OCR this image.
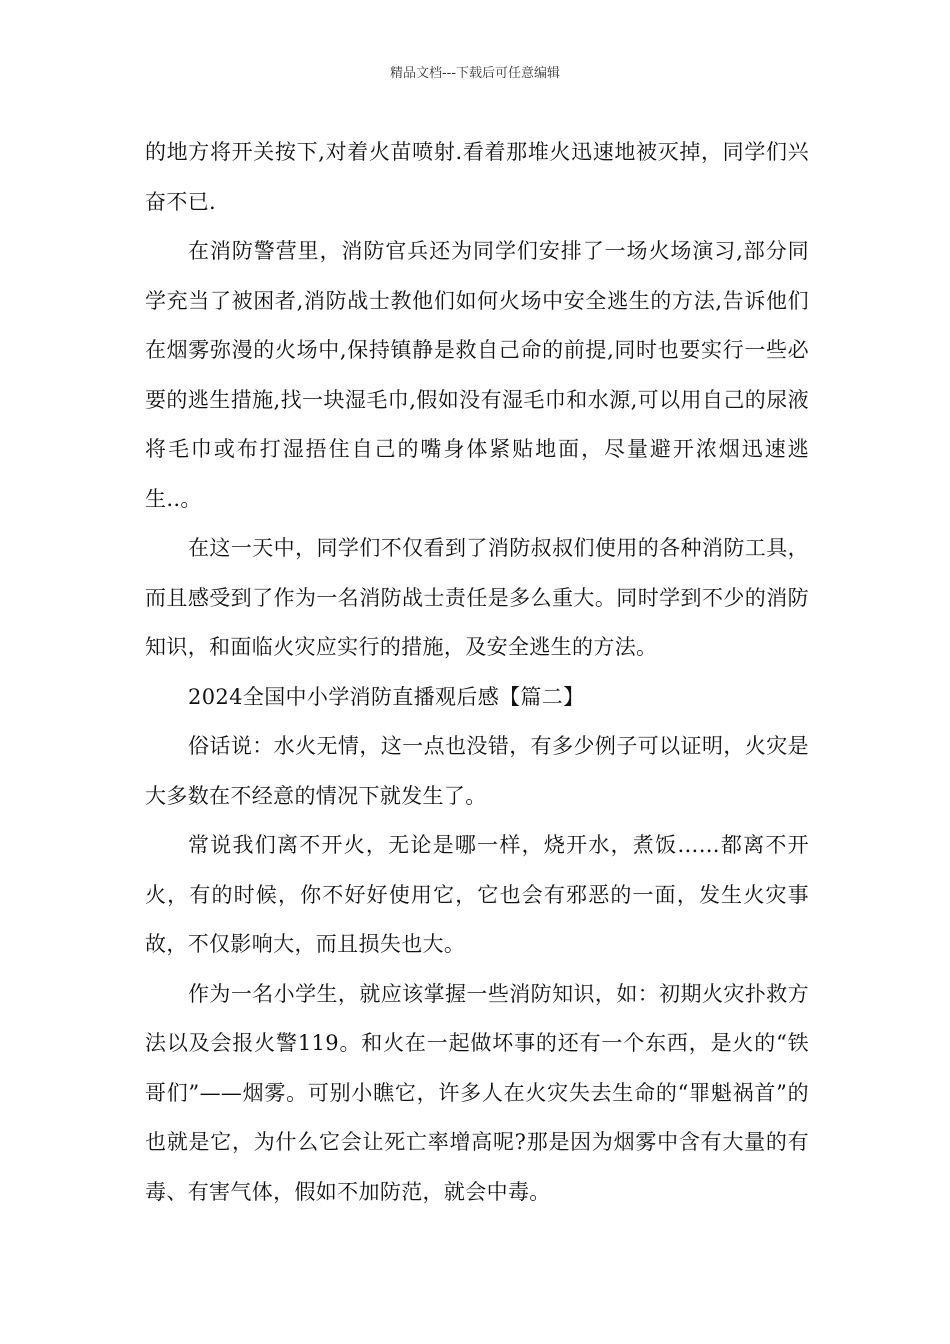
精品文档---下载后可任意编辑

的地方将开关按下,对着火苗喷射.看着那堆火迅速地被灭掉，同学们兴奋不已.

在消防警营里，消防官兵还为同学们安排了一场火场演习,部分同学充当了被困者,消防战士教他们如何火场中安全逃生的方法,告诉他们在烟雾弥漫的火场中,保持镇静是救自己命的前提,同时也要实行一些必要的逃生措施,找一块湿毛巾,假如没有湿毛巾和水源,可以用自己的尿液将毛巾或布打湿捂住自己的嘴身体紧贴地面，尽量避开浓烟迅速逃生..。

在这一天中，同学们不仅看到了消防叔叔们使用的各种消防工具，而且感受到了作为一名消防战士责任是多么重大。同时学到不少的消防知识，和面临火灾应实行的措施，及安全逃生的方法。

2024全国中小学消防直播观后感【篇二】

俗话说：水火无情，这一点也没错，有多少例子可以证明，火灾是大多数在不经意的情况下就发生了。

常说我们离不开火，无论是哪一样，烧开水，煮饭……都离不开火，有的时候，你不好好使用它，它也会有邪恶的一面，发生火灾事故，不仅影响大，而且损失也大。

作为一名小学生，就应该掌握一些消防知识，如：初期火灾扑救方法以及会报火警119。和火在一起做坏事的还有一个东西，是火的“铁哥们”——烟雾。可别小瞧它，许多人在火灾失去生命的“罪魁祸首”的也就是它，为什么它会让死亡率增高呢?那是因为烟雾中含有大量的有毒、有害气体，假如不加防范，就会中毒。
